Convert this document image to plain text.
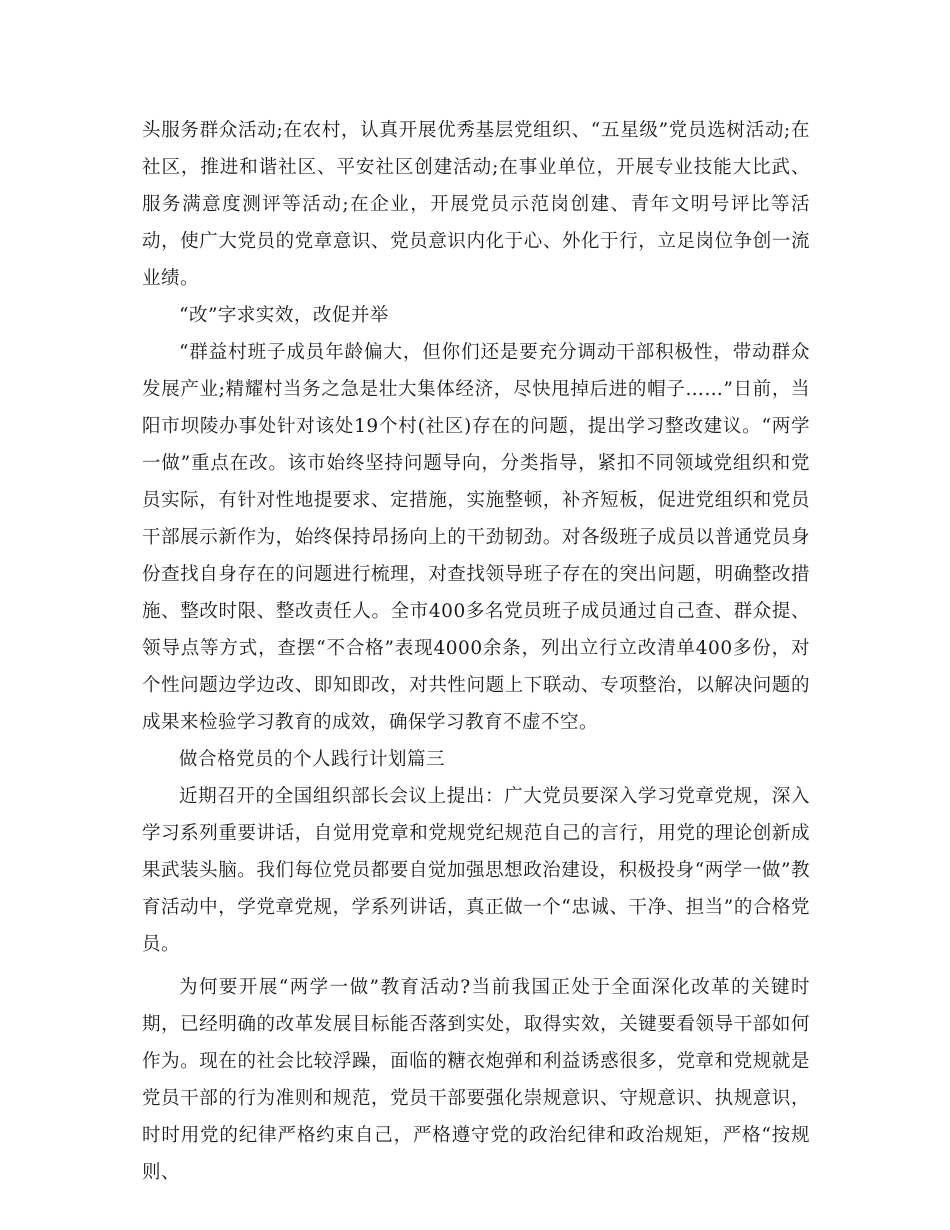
头服务群众活动;在农村，认真开展优秀基层党组织、“五星级”党员选树活动;在社区，推进和谐社区、平安社区创建活动;在事业单位，开展专业技能大比武、服务满意度测评等活动;在企业，开展党员示范岗创建、青年文明号评比等活动，使广大党员的党章意识、党员意识内化于心、外化于行，立足岗位争创一流业绩。

“改”字求实效，改促并举

“群益村班子成员年龄偏大，但你们还是要充分调动干部积极性，带动群众发展产业;精耀村当务之急是壮大集体经济，尽快甩掉后进的帽子……”日前，当阳市坝陵办事处针对该处19个村(社区)存在的问题，提出学习整改建议。“两学一做”重点在改。该市始终坚持问题导向，分类指导，紧扣不同领域党组织和党员实际，有针对性地提要求、定措施，实施整顿，补齐短板，促进党组织和党员干部展示新作为，始终保持昂扬向上的干劲韧劲。对各级班子成员以普通党员身份查找自身存在的问题进行梳理，对查找领导班子存在的突出问题，明确整改措施、整改时限、整改责任人。全市400多名党员班子成员通过自己查、群众提、领导点等方式，查摆“不合格”表现4000余条，列出立行立改清单400多份，对个性问题边学边改、即知即改，对共性问题上下联动、专项整治，以解决问题的成果来检验学习教育的成效，确保学习教育不虚不空。

做合格党员的个人践行计划篇三

近期召开的全国组织部长会议上提出：广大党员要深入学习党章党规，深入学习系列重要讲话，自觉用党章和党规党纪规范自己的言行，用党的理论创新成果武装头脑。我们每位党员都要自觉加强思想政治建设，积极投身“两学一做”教育活动中，学党章党规，学系列讲话，真正做一个“忠诚、干净、担当”的合格党员。

为何要开展“两学一做”教育活动?当前我国正处于全面深化改革的关键时期，已经明确的改革发展目标能否落到实处，取得实效，关键要看领导干部如何作为。现在的社会比较浮躁，面临的糖衣炮弹和利益诱惑很多，党章和党规就是党员干部的行为准则和规范，党员干部要强化崇规意识、守规意识、执规意识，时时用党的纪律严格约束自己，严格遵守党的政治纪律和政治规矩，严格“按规则、
